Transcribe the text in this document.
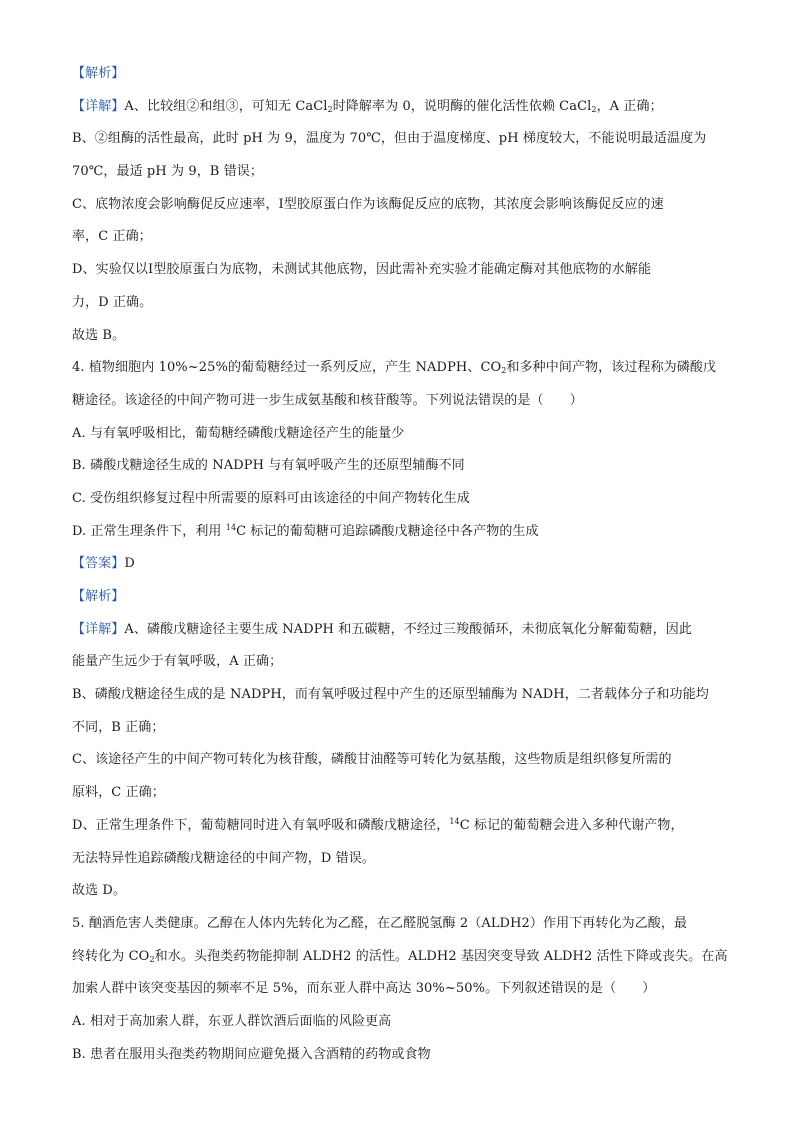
【解析】
【详解】A、比较组②和组③，可知无 CaCl$_2$时降解率为 0，说明酶的催化活性依赖 CaCl$_2$，A 正确；
B、②组酶的活性最高，此时 pH 为 9，温度为 70℃，但由于温度梯度、pH 梯度较大，不能说明最适温度为
70℃，最适 pH 为 9，B 错误；
C、底物浓度会影响酶促反应速率，Ⅰ型胶原蛋白作为该酶促反应的底物，其浓度会影响该酶促反应的速
率，C 正确；
D、实验仅以Ⅰ型胶原蛋白为底物，未测试其他底物，因此需补充实验才能确定酶对其他底物的水解能
力，D 正确。
故选 B。
4. 植物细胞内 10%~25%的葡萄糖经过一系列反应，产生 NADPH、$CO_2$和多种中间产物，该过程称为磷酸戊
糖途径。该途径的中间产物可进一步生成氨基酸和核苷酸等。下列说法错误的是（　　）
A. 与有氧呼吸相比，葡萄糖经磷酸戊糖途径产生的能量少
B. 磷酸戊糖途径生成的 NADPH 与有氧呼吸产生的还原型辅酶不同
C. 受伤组织修复过程中所需要的原料可由该途径的中间产物转化生成
D. 正常生理条件下，利用 $^{14}$C 标记的葡萄糖可追踪磷酸戊糖途径中各产物的生成
【答案】D
【解析】
【详解】A、磷酸戊糖途径主要生成 NADPH 和五碳糖，不经过三羧酸循环，未彻底氧化分解葡萄糖，因此
能量产生远少于有氧呼吸，A 正确；
B、磷酸戊糖途径生成的是 NADPH，而有氧呼吸过程中产生的还原型辅酶为 NADH，二者载体分子和功能均
不同，B 正确；
C、该途径产生的中间产物可转化为核苷酸，磷酸甘油醛等可转化为氨基酸，这些物质是组织修复所需的
原料，C 正确；
D、正常生理条件下，葡萄糖同时进入有氧呼吸和磷酸戊糖途径，$^{14}$C 标记的葡萄糖会进入多种代谢产物，
无法特异性追踪磷酸戊糖途径的中间产物，D 错误。
故选 D。
5. 酗酒危害人类健康。乙醇在人体内先转化为乙醛，在乙醛脱氢酶 2（ALDH2）作用下再转化为乙酸，最
终转化为 $CO_2$和水。头孢类药物能抑制 ALDH2 的活性。ALDH2 基因突变导致 ALDH2 活性下降或丧失。在高
加索人群中该突变基因的频率不足 5%，而东亚人群中高达 30%~50%。下列叙述错误的是（　　）
A. 相对于高加索人群，东亚人群饮酒后面临的风险更高
B. 患者在服用头孢类药物期间应避免摄入含酒精的药物或食物
